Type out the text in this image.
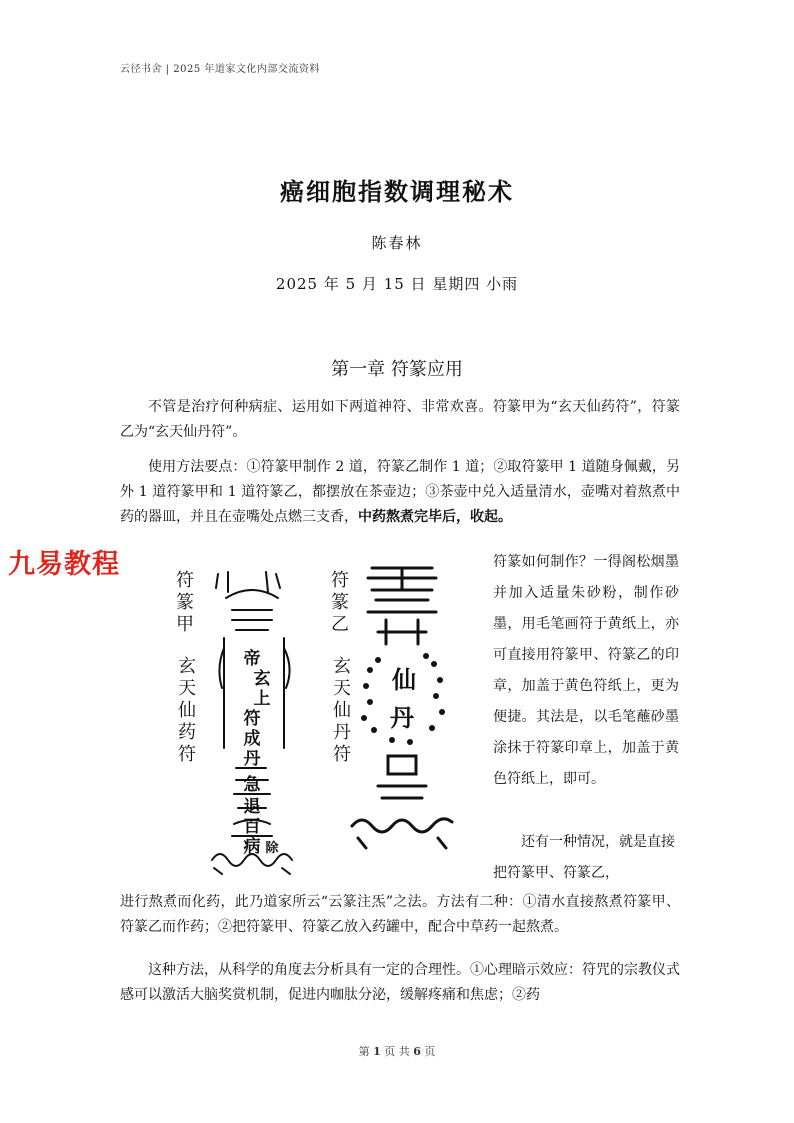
云径书舍 | 2025 年道家文化内部交流资料
癌细胞指数调理秘术
陈春林
2025 年 5 月 15 日 星期四 小雨
第一章 符篆应用

不管是治疗何种病症、运用如下两道神符、非常欢喜。符篆甲为“玄天仙药符”，符篆乙为“玄天仙丹符”。

使用方法要点：①符篆甲制作 2 道，符篆乙制作 1 道；②取符篆甲 1 道随身佩戴，另外 1 道符篆甲和 1 道符篆乙，都摆放在茶壶边；③茶壶中兑入适量清水，壶嘴对着熬煮中药的器皿，并且在壶嘴处点燃三支香，中药熬煮完毕后，收起。

九易教程
符篆甲
玄天仙药符
帝
玄
上
符
成
丹
急
退
百
病 除
符篆乙
玄天仙丹符
仙
丹

符篆如何制作？一得阁松烟墨并加入适量朱砂粉，制作砂墨，用毛笔画符于黄纸上，亦可直接用符篆甲、符篆乙的印章，加盖于黄色符纸上，更为便捷。其法是，以毛笔蘸砂墨涂抹于符篆印章上，加盖于黄色符纸上，即可。

还有一种情况，就是直接把符篆甲、符篆乙，

进行熬煮而化药，此乃道家所云“云篆注炁”之法。方法有二种：①清水直接熬煮符篆甲、符篆乙而作药；②把符篆甲、符篆乙放入药罐中，配合中草药一起熬煮。

这种方法，从科学的角度去分析具有一定的合理性。①心理暗示效应：符咒的宗教仪式感可以激活大脑奖赏机制，促进内咖肽分泌，缓解疼痛和焦虑；②药

第 1 页 共 6 页
